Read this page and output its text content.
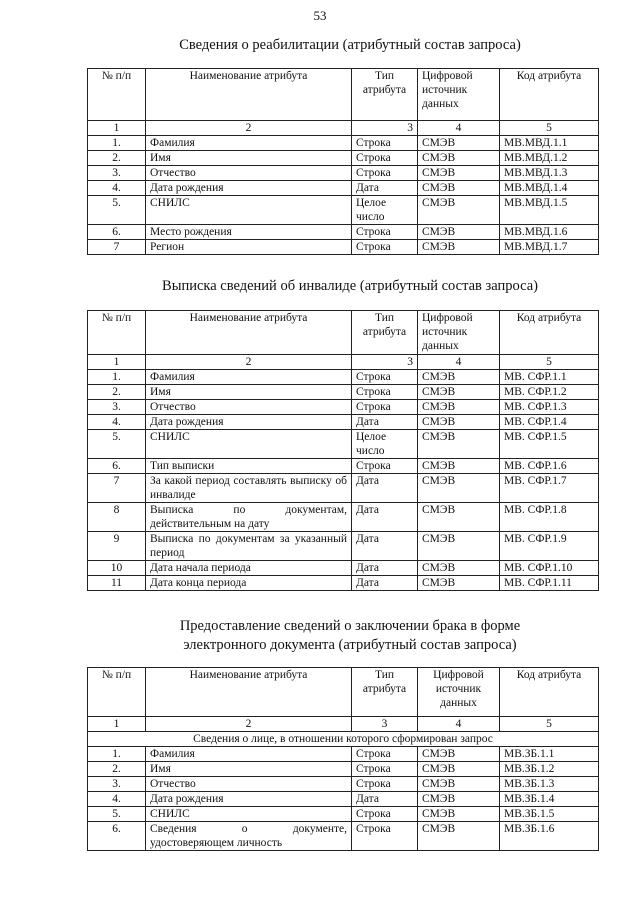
53
Сведения о реабилитации (атрибутный состав запроса)
№ п/п	Наименование атрибута	Тип атрибута	Цифровой источник данных	Код атрибута
1	2	3	4	5
1.	Фамилия	Строка	СМЭВ	МВ.МВД.1.1
2.	Имя	Строка	СМЭВ	МВ.МВД.1.2
3.	Отчество	Строка	СМЭВ	МВ.МВД.1.3
4.	Дата рождения	Дата	СМЭВ	МВ.МВД.1.4
5.	СНИЛС	Целое число	СМЭВ	МВ.МВД.1.5
6.	Место рождения	Строка	СМЭВ	МВ.МВД.1.6
7	Регион	Строка	СМЭВ	МВ.МВД.1.7
Выписка сведений об инвалиде (атрибутный состав запроса)
№ п/п	Наименование атрибута	Тип атрибута	Цифровой источник данных	Код атрибута
1	2	3	4	5
1.	Фамилия	Строка	СМЭВ	МВ. СФР.1.1
2.	Имя	Строка	СМЭВ	МВ. СФР.1.2
3.	Отчество	Строка	СМЭВ	МВ. СФР.1.3
4.	Дата рождения	Дата	СМЭВ	МВ. СФР.1.4
5.	СНИЛС	Целое число	СМЭВ	МВ. СФР.1.5
6.	Тип выписки	Строка	СМЭВ	МВ. СФР.1.6
7	За какой период составлять выписку об инвалиде	Дата	СМЭВ	МВ. СФР.1.7
8	Выписка по документам, действительным на дату	Дата	СМЭВ	МВ. СФР.1.8
9	Выписка по документам за указанный период	Дата	СМЭВ	МВ. СФР.1.9
10	Дата начала периода	Дата	СМЭВ	МВ. СФР.1.10
11	Дата конца периода	Дата	СМЭВ	МВ. СФР.1.11
Предоставление сведений о заключении брака в форме
электронного документа (атрибутный состав запроса)
№ п/п	Наименование атрибута	Тип атрибута	Цифровой источник данных	Код атрибута
1	2	3	4	5
Сведения о лице, в отношении которого сформирован запрос				
1.	Фамилия	Строка	СМЭВ	МВ.ЗБ.1.1
2.	Имя	Строка	СМЭВ	МВ.ЗБ.1.2
3.	Отчество	Строка	СМЭВ	МВ.ЗБ.1.3
4.	Дата рождения	Дата	СМЭВ	МВ.ЗБ.1.4
5.	СНИЛС	Строка	СМЭВ	МВ.ЗБ.1.5
6.	Сведения о документе, удостоверяющем личность	Строка	СМЭВ	МВ.ЗБ.1.6
